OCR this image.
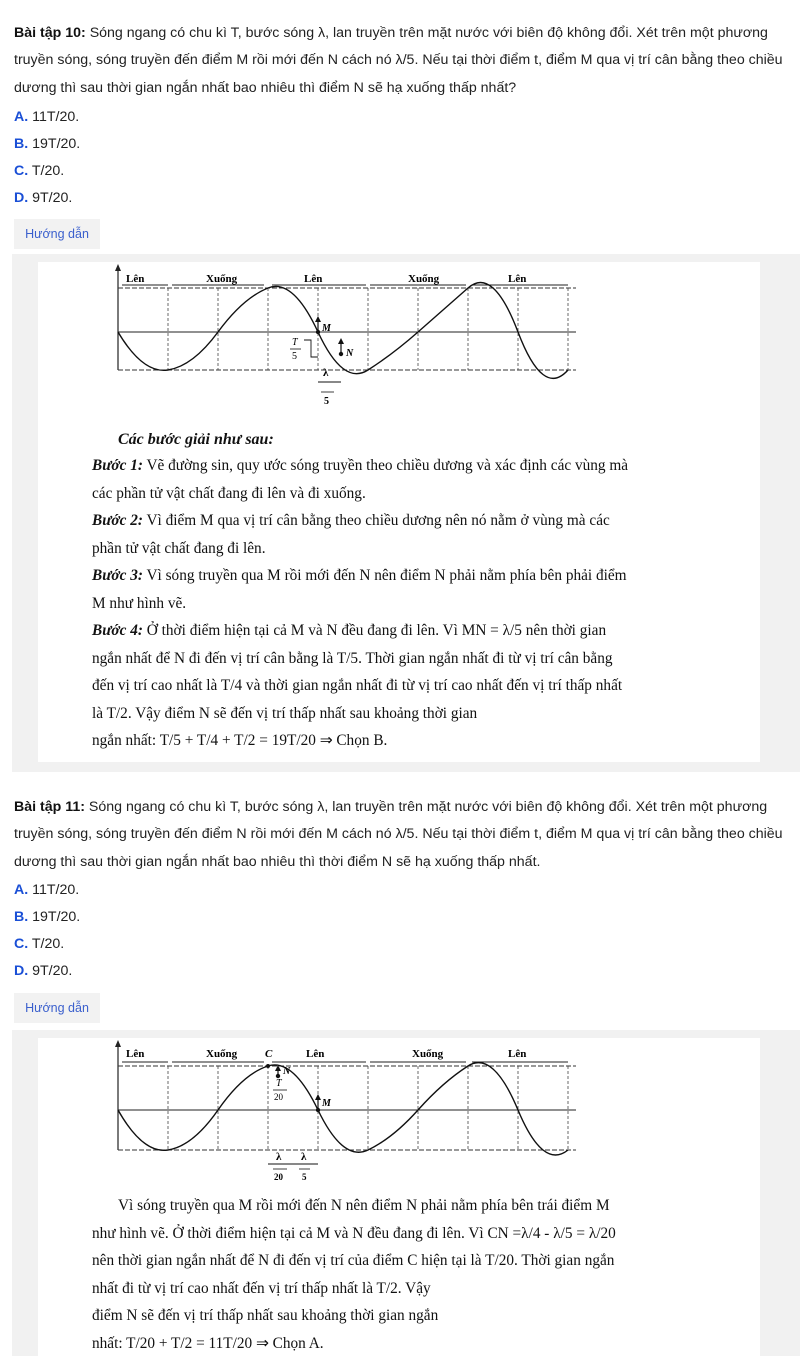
Bài tập 10: Sóng ngang có chu kì T, bước sóng λ, lan truyền trên mặt nước với biên độ không đổi. Xét trên một phương truyền sóng, sóng truyền đến điểm M rồi mới đến N cách nó λ/5. Nếu tại thời điểm t, điểm M qua vị trí cân bằng theo chiều dương thì sau thời gian ngắn nhất bao nhiêu thì điểm N sẽ hạ xuống thấp nhất?
A. 11T/20.
B. 19T/20.
C. T/20.
D. 9T/20.
Hướng dẫn
Lên	Xuống	Lên	Xuống	Lên
M
N
T
5
λ
5
Các bước giải như sau:
Bước 1: Vẽ đường sin, quy ước sóng truyền theo chiều dương và xác định các vùng mà
các phần tử vật chất đang đi lên và đi xuống.
Bước 2: Vì điểm M qua vị trí cân bằng theo chiều dương nên nó nằm ở vùng mà các
phần tử vật chất đang đi lên.
Bước 3: Vì sóng truyền qua M rồi mới đến N nên điểm N phải nằm phía bên phải điểm
M như hình vẽ.
Bước 4: Ở thời điểm hiện tại cả M và N đều đang đi lên. Vì MN = λ/5 nên thời gian
ngắn nhất để N đi đến vị trí cân bằng là T/5. Thời gian ngắn nhất đi từ vị trí cân bằng
đến vị trí cao nhất là T/4 và thời gian ngắn nhất đi từ vị trí cao nhất đến vị trí thấp nhất
là T/2. Vậy điểm N sẽ đến vị trí thấp nhất sau khoảng thời gian
ngắn nhất: T/5 + T/4 + T/2 = 19T/20 ⇒ Chọn B.
Bài tập 11: Sóng ngang có chu kì T, bước sóng λ, lan truyền trên mặt nước với biên độ không đổi. Xét trên một phương truyền sóng, sóng truyền đến điểm N rồi mới đến M cách nó λ/5. Nếu tại thời điểm t, điểm M qua vị trí cân bằng theo chiều dương thì sau thời gian ngắn nhất bao nhiêu thì thời điểm N sẽ hạ xuống thấp nhất.
A. 11T/20.
B. 19T/20.
C. T/20.
D. 9T/20.
Hướng dẫn
Lên	Xuống	C	Lên	Xuống	Lên
N
M
T
20
λ
20
λ
5
Vì sóng truyền qua M rồi mới đến N nên điểm N phải nằm phía bên trái điểm M
như hình vẽ. Ở thời điểm hiện tại cả M và N đều đang đi lên. Vì CN =λ/4 - λ/5 = λ/20
nên thời gian ngắn nhất để N đi đến vị trí của điểm C hiện tại là T/20. Thời gian ngắn
nhất đi từ vị trí cao nhất đến vị trí thấp nhất là T/2. Vậy
điểm N sẽ đến vị trí thấp nhất sau khoảng thời gian ngắn
nhất: T/20 + T/2 = 11T/20 ⇒ Chọn A.
